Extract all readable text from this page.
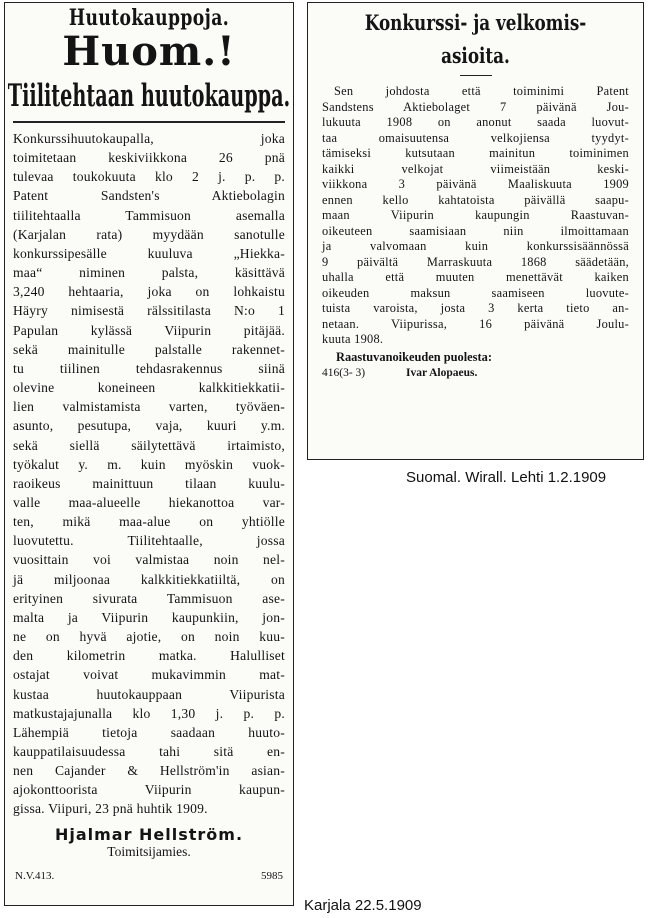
Huutokauppoja.
Huom.!
Tiilitehtaan huutokauppa.
Konkurssihuutokaupalla, joka
toimitetaan keskiviikkona 26 pnä
tulevaa toukokuuta klo 2 j. p. p.
Patent Sandsten's Aktiebolagin
tiilitehtaalla Tammisuon asemalla
(Karjalan rata) myydään sanotulle
konkurssipesälle kuuluva „Hiekka-
maa“ niminen palsta, käsittävä
3,240 hehtaaria, joka on lohkaistu
Häyry nimisestä rälssitilasta N:o 1
Papulan kylässä Viipurin pitäjää.
sekä mainitulle palstalle rakennet-
tu tiilinen tehdasrakennus siinä
olevine koneineen kalkkitiekkatii-
lien valmistamista varten, työväen-
asunto, pesutupa, vaja, kuuri y.m.
sekä siellä säilytettävä irtaimisto,
työkalut y. m. kuin myöskin vuok-
raoikeus mainittuun tilaan kuulu-
valle maa-alueelle hiekanottoa var-
ten, mikä maa-alue on yhtiölle
luovutettu. Tiilitehtaalle, jossa
vuosittain voi valmistaa noin nel-
jä miljoonaa kalkkitiekkatiiltä, on
erityinen sivurata Tammisuon ase-
malta ja Viipurin kaupunkiin, jon-
ne on hyvä ajotie, on noin kuu-
den kilometrin matka. Halulliset
ostajat voivat mukavimmin mat-
kustaa huutokauppaan Viipurista
matkustajajunalla klo 1,30 j. p. p.
Lähempiä tietoja saadaan huuto-
kauppatilaisuudessa tahi sitä en-
nen Cajander & Hellström'in asian-
ajokonttoorista Viipurin kaupun-
gissa. Viipuri, 23 pnä huhtik 1909.
Hjalmar Hellström.
Toimitsijamies.
N.V.413.	5985
Konkurssi- ja velkomis-
asioita.
Sen johdosta että toiminimi Patent
Sandstens Aktiebolaget 7 päivänä Jou-
lukuuta 1908 on anonut saada luovut-
taa omaisuutensa velkojiensa tyydyt-
tämiseksi kutsutaan mainitun toiminimen
kaikki velkojat viimeistään keski-
viikkona 3 päivänä Maaliskuuta 1909
ennen kello kahtatoista päivällä saapu-
maan Viipurin kaupungin Raastuvan-
oikeuteen saamisiaan niin ilmoittamaan
ja valvomaan kuin konkurssisäännössä
9 päivältä Marraskuuta 1868 säädetään,
uhalla että muuten menettävät kaiken
oikeuden maksun saamiseen luovute-
tuista varoista, josta 3 kerta tieto an-
netaan. Viipurissa, 16 päivänä Joulu-
kuuta 1908.
Raastuvanoikeuden puolesta:
416(3- 3)	Ivar Alopaeus.
Suomal. Wirall. Lehti 1.2.1909
Karjala 22.5.1909
